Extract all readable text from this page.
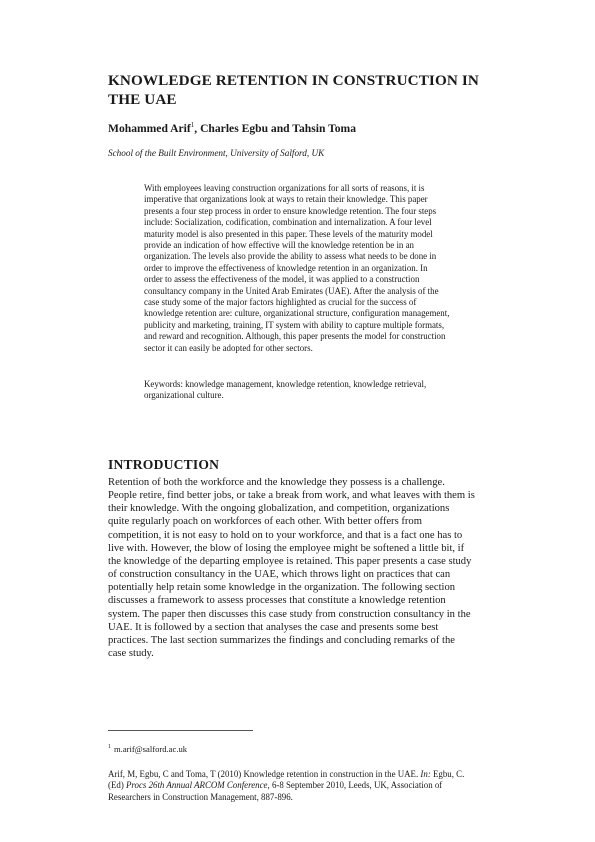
KNOWLEDGE RETENTION IN CONSTRUCTION IN
THE UAE
Mohammed Arif$^1$, Charles Egbu and Tahsin Toma
School of the Built Environment, University of Salford, UK
With employees leaving construction organizations for all sorts of reasons, it is
imperative that organizations look at ways to retain their knowledge. This paper
presents a four step process in order to ensure knowledge retention. The four steps
include: Socialization, codification, combination and internalization. A four level
maturity model is also presented in this paper. These levels of the maturity model
provide an indication of how effective will the knowledge retention be in an
organization. The levels also provide the ability to assess what needs to be done in
order to improve the effectiveness of knowledge retention in an organization. In
order to assess the effectiveness of the model, it was applied to a construction
consultancy company in the United Arab Emirates (UAE). After the analysis of the
case study some of the major factors highlighted as crucial for the success of
knowledge retention are: culture, organizational structure, configuration management,
publicity and marketing, training, IT system with ability to capture multiple formats,
and reward and recognition. Although, this paper presents the model for construction
sector it can easily be adopted for other sectors.
Keywords: knowledge management, knowledge retention, knowledge retrieval,
organizational culture.
INTRODUCTION
Retention of both the workforce and the knowledge they possess is a challenge.
People retire, find better jobs, or take a break from work, and what leaves with them is
their knowledge. With the ongoing globalization, and competition, organizations
quite regularly poach on workforces of each other. With better offers from
competition, it is not easy to hold on to your workforce, and that is a fact one has to
live with. However, the blow of losing the employee might be softened a little bit, if
the knowledge of the departing employee is retained. This paper presents a case study
of construction consultancy in the UAE, which throws light on practices that can
potentially help retain some knowledge in the organization. The following section
discusses a framework to assess processes that constitute a knowledge retention
system. The paper then discusses this case study from construction consultancy in the
UAE. It is followed by a section that analyses the case and presents some best
practices. The last section summarizes the findings and concluding remarks of the
case study.
$^1$ m.arif@salford.ac.uk
Arif, M, Egbu, C and Toma, T (2010) Knowledge retention in construction in the UAE. In: Egbu, C.
(Ed) Procs 26th Annual ARCOM Conference, 6-8 September 2010, Leeds, UK, Association of
Researchers in Construction Management, 887-896.
